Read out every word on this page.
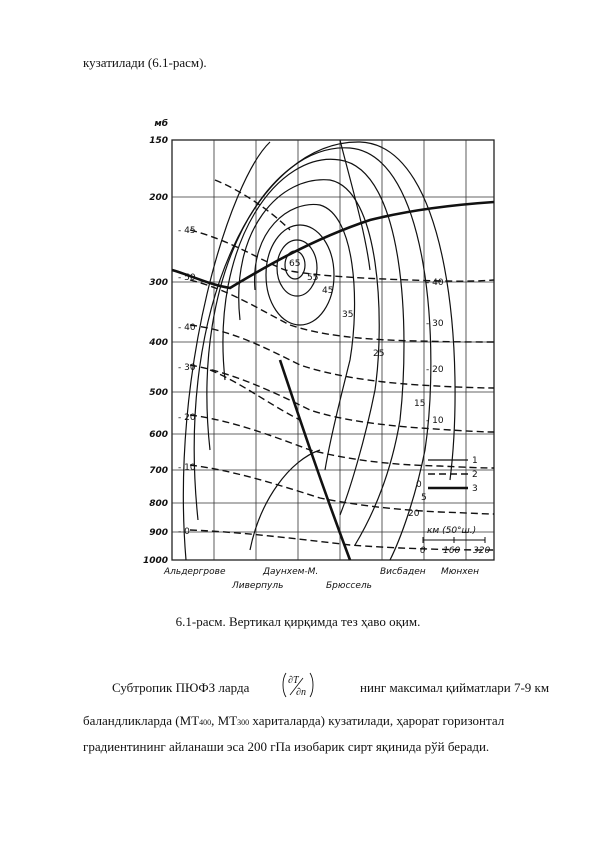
кузатилади (6.1-расм).
мб
150
200
300
400
500
600
700
800
900
1000
- 45
- 50
- 40
- 30
- 20
- 10
- 0
- 40
- 30
- 20
- 10
65
55
45
35
25
15
5
0
20
1
2
3
км (50°ш.)
0 160 320
Альдергрове	Даунхем-М.	Висбаден Мюнхен
Ливерпуль	Брюссель
6.1-расм. Вертикал қирқимда тез ҳаво оқим.
Субтропик ПЮФЗ ларда	∂T
∂n	нинг максимал қийматлари 7-9 км
баландликларда (МТ400, МТ300 хариталарда) кузатилади, ҳарорат горизонтал
градиентининг айланаши эса 200 гПа изобарик сирт яқинида рўй беради.
